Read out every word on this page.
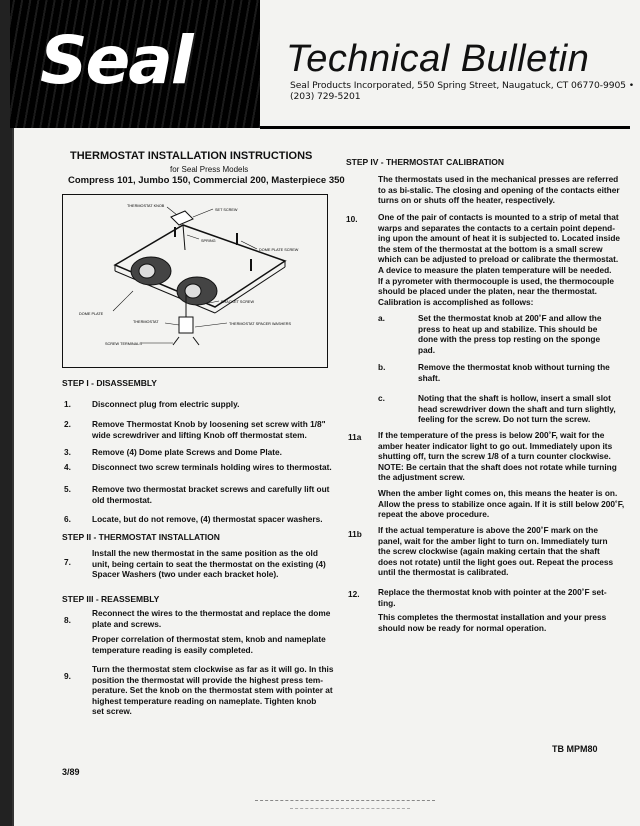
Seal Technical Bulletin
Seal Products Incorporated, 550 Spring Street, Naugatuck, CT 06770-9905 • (203) 729-5201
THERMOSTAT INSTALLATION INSTRUCTIONS
for Seal Press Models
Compress 101, Jumbo 150, Commercial 200, Masterpiece 350
THERMOSTAT KNOB
SET SCREW
SPRING
DOME PLATE SCREW
BRACKET SCREW
DOME PLATE
THERMOSTAT	THERMOSTAT SPACER WASHERS
SCREW TERMINALS
STEP I - DISASSEMBLY
1.	Disconnect plug from electric supply.
2.	Remove Thermostat Knob by loosening set screw with 1/8"
wide screwdriver and lifting Knob off thermostat stem.
3.	Remove (4) Dome plate Screws and Dome Plate.
4.	Disconnect two screw terminals holding wires to thermostat.
5.	Remove two thermostat bracket screws and carefully lift out
old thermostat.
6.	Locate, but do not remove, (4) thermostat spacer washers.
STEP II - THERMOSTAT INSTALLATION
7.
Install the new thermostat in the same position as the old
unit, being certain to seat the thermostat on the existing (4)
Spacer Washers (two under each bracket hole).
STEP III - REASSEMBLY
8.
Reconnect the wires to the thermostat and replace the dome
plate and screws.
Proper correlation of thermostat stem, knob and nameplate
temperature reading is easily completed.
9.
Turn the thermostat stem clockwise as far as it will go. In this
position the thermostat will provide the highest press tem-
perature. Set the knob on the thermostat stem with pointer at
highest temperature reading on nameplate. Tighten knob
set screw.
STEP IV - THERMOSTAT CALIBRATION
The thermostats used in the mechanical presses are referred
to as bi-stalic. The closing and opening of the contacts either
turns on or shuts off the heater, respectively.
10. One of the pair of contacts is mounted to a strip of metal that
warps and separates the contacts to a certain point depend-
ing upon the amount of heat it is subjected to. Located inside
the stem of the thermostat at the bottom is a small screw
which can be adjusted to preload or calibrate the thermostat.
A device to measure the platen temperature will be needed.
If a pyrometer with thermocouple is used, the thermocouple
should be placed under the platen, near the thermostat.
Calibration is accomplished as follows:
a.	Set the thermostat knob at 200˚F and allow the
press to heat up and stabilize. This should be
done with the press top resting on the sponge
pad.
b.	Remove the thermostat knob without turning the
shaft.
c.	Noting that the shaft is hollow, insert a small slot
head screwdriver down the shaft and turn slightly,
feeling for the screw. Do not turn the screw.
11a If the temperature of the press is below 200˚F, wait for the
amber heater indicator light to go out. Immediately upon its
shutting off, turn the screw 1/8 of a turn counter clockwise.
NOTE: Be certain that the shaft does not rotate while turning
the adjustment screw.
When the amber light comes on, this means the heater is on.
Allow the press to stabilize once again. If it is still below 200˚F,
repeat the above procedure.
11b If the actual temperature is above the 200˚F mark on the
panel, wait for the amber light to turn on. Immediately turn
the screw clockwise (again making certain that the shaft
does not rotate) until the light goes out. Repeat the process
until the thermostat is calibrated.
12. Replace the thermostat knob with pointer at the 200˚F set-
ting.
This completes the thermostat installation and your press
should now be ready for normal operation.
3/89
TB MPM80
